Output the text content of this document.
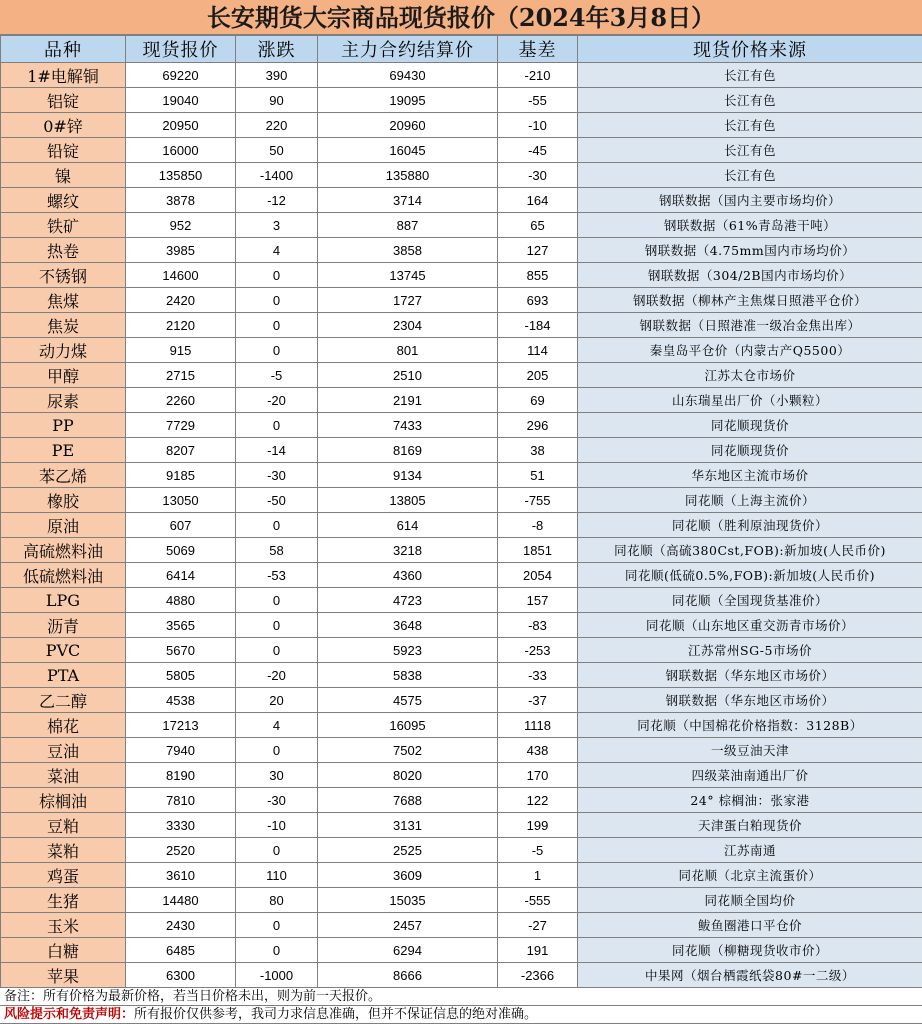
长安期货大宗商品现货报价（2024年3月8日）
品种	现货报价	涨跌	主力合约结算价	基差	现货价格来源
1#电解铜	69220	390	69430	-210	长江有色
铝锭	19040	90	19095	-55	长江有色
0#锌	20950	220	20960	-10	长江有色
铅锭	16000	50	16045	-45	长江有色
镍	135850	-1400	135880	-30	长江有色
螺纹	3878	-12	3714	164	钢联数据（国内主要市场均价）
铁矿	952	3	887	65	钢联数据（61%青岛港干吨）
热卷	3985	4	3858	127	钢联数据（4.75mm国内市场均价）
不锈钢	14600	0	13745	855	钢联数据（304/2B国内市场均价）
焦煤	2420	0	1727	693	钢联数据（柳林产主焦煤日照港平仓价）
焦炭	2120	0	2304	-184	钢联数据（日照港准一级冶金焦出库）
动力煤	915	0	801	114	秦皇岛平仓价（内蒙古产Q5500）
甲醇	2715	-5	2510	205	江苏太仓市场价
尿素	2260	-20	2191	69	山东瑞星出厂价（小颗粒）
PP	7729	0	7433	296	同花顺现货价
PE	8207	-14	8169	38	同花顺现货价
苯乙烯	9185	-30	9134	51	华东地区主流市场价
橡胶	13050	-50	13805	-755	同花顺（上海主流价）
原油	607	0	614	-8	同花顺（胜利原油现货价）
高硫燃料油	5069	58	3218	1851	同花顺（高硫380Cst,FOB):新加坡(人民币价)
低硫燃料油	6414	-53	4360	2054	同花顺(低硫0.5%,FOB):新加坡(人民币价)
LPG	4880	0	4723	157	同花顺（全国现货基准价）
沥青	3565	0	3648	-83	同花顺（山东地区重交沥青市场价）
PVC	5670	0	5923	-253	江苏常州SG-5市场价
PTA	5805	-20	5838	-33	钢联数据（华东地区市场价）
乙二醇	4538	20	4575	-37	钢联数据（华东地区市场价）
棉花	17213	4	16095	1118	同花顺（中国棉花价格指数：3128B）
豆油	7940	0	7502	438	一级豆油天津
菜油	8190	30	8020	170	四级菜油南通出厂价
棕榈油	7810	-30	7688	122	24° 棕榈油：张家港
豆粕	3330	-10	3131	199	天津蛋白粕现货价
菜粕	2520	0	2525	-5	江苏南通
鸡蛋	3610	110	3609	1	同花顺（北京主流蛋价）
生猪	14480	80	15035	-555	同花顺全国均价
玉米	2430	0	2457	-27	鲅鱼圈港口平仓价
白糖	6485	0	6294	191	同花顺（柳糖现货收市价）
苹果	6300	-1000	8666	-2366	中果网（烟台栖霞纸袋80#一二级）
备注：所有价格为最新价格，若当日价格未出，则为前一天报价。
风险提示和免责声明：所有报价仅供参考，我司力求信息准确，但并不保证信息的绝对准确。
